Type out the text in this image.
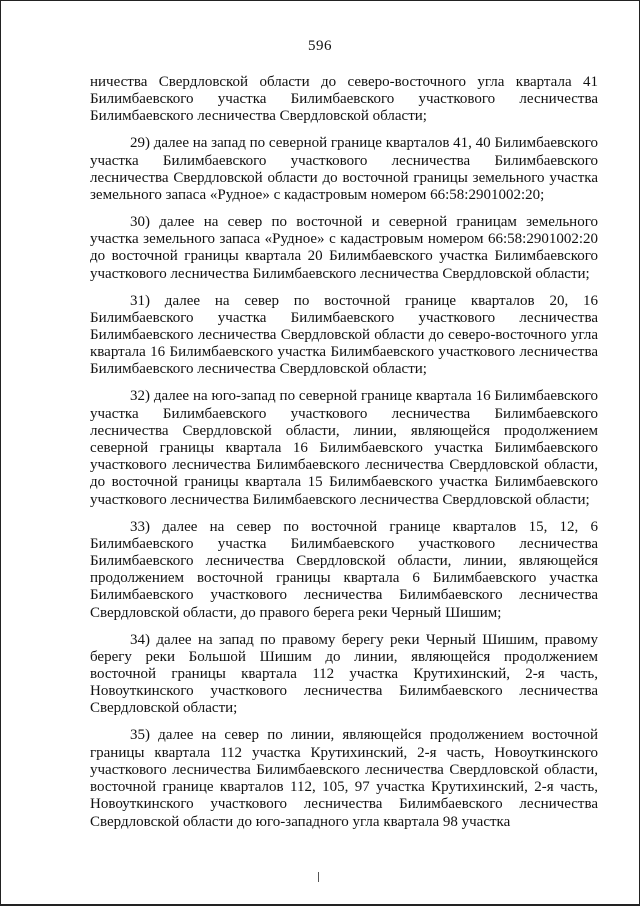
596

ничества Свердловской области до северо-восточного угла квартала 41 Билимбаевского участка Билимбаевского участкового лесничества Билимбаевского лесничества Свердловской области;

29) далее на запад по северной границе кварталов 41, 40 Билимбаевского участка Билимбаевского участкового лесничества Билимбаевского лесничества Свердловской области до восточной границы земельного участка земельного запаса «Рудное» с кадастровым номером 66:58:2901002:20;

30) далее на север по восточной и северной границам земельного участка земельного запаса «Рудное» с кадастровым номером 66:58:2901002:20 до восточной границы квартала 20 Билимбаевского участка Билимбаевского участкового лесничества Билимбаевского лесничества Свердловской области;

31) далее на север по восточной границе кварталов 20, 16 Билимбаевского участка Билимбаевского участкового лесничества Билимбаевского лесничества Свердловской области до северо-восточного угла квартала 16 Билимбаевского участка Билимбаевского участкового лесничества Билимбаевского лесничества Свердловской области;

32) далее на юго-запад по северной границе квартала 16 Билимбаевского участка Билимбаевского участкового лесничества Билимбаевского лесничества Свердловской области, линии, являющейся продолжением северной границы квартала 16 Билимбаевского участка Билимбаевского участкового лесничества Билимбаевского лесничества Свердловской области, до восточной границы квартала 15 Билимбаевского участка Билимбаевского участкового лесничества Билимбаевского лесничества Свердловской области;

33) далее на север по восточной границе кварталов 15, 12, 6 Билимбаевского участка Билимбаевского участкового лесничества Билимбаевского лесничества Свердловской области, линии, являющейся продолжением восточной границы квартала 6 Билимбаевского участка Билимбаевского участкового лесничества Билимбаевского лесничества Свердловской области, до правого берега реки Черный Шишим;

34) далее на запад по правому берегу реки Черный Шишим, правому берегу реки Большой Шишим до линии, являющейся продолжением восточной границы квартала 112 участка Крутихинский, 2-я часть, Новоуткинского участкового лесничества Билимбаевского лесничества Свердловской области;

35) далее на север по линии, являющейся продолжением восточной границы квартала 112 участка Крутихинский, 2-я часть, Новоуткинского участкового лесничества Билимбаевского лесничества Свердловской области, восточной границе кварталов 112, 105, 97 участка Крутихинский, 2-я часть, Новоуткинского участкового лесничества Билимбаевского лесничества Свердловской области до юго-западного угла квартала 98 участка
